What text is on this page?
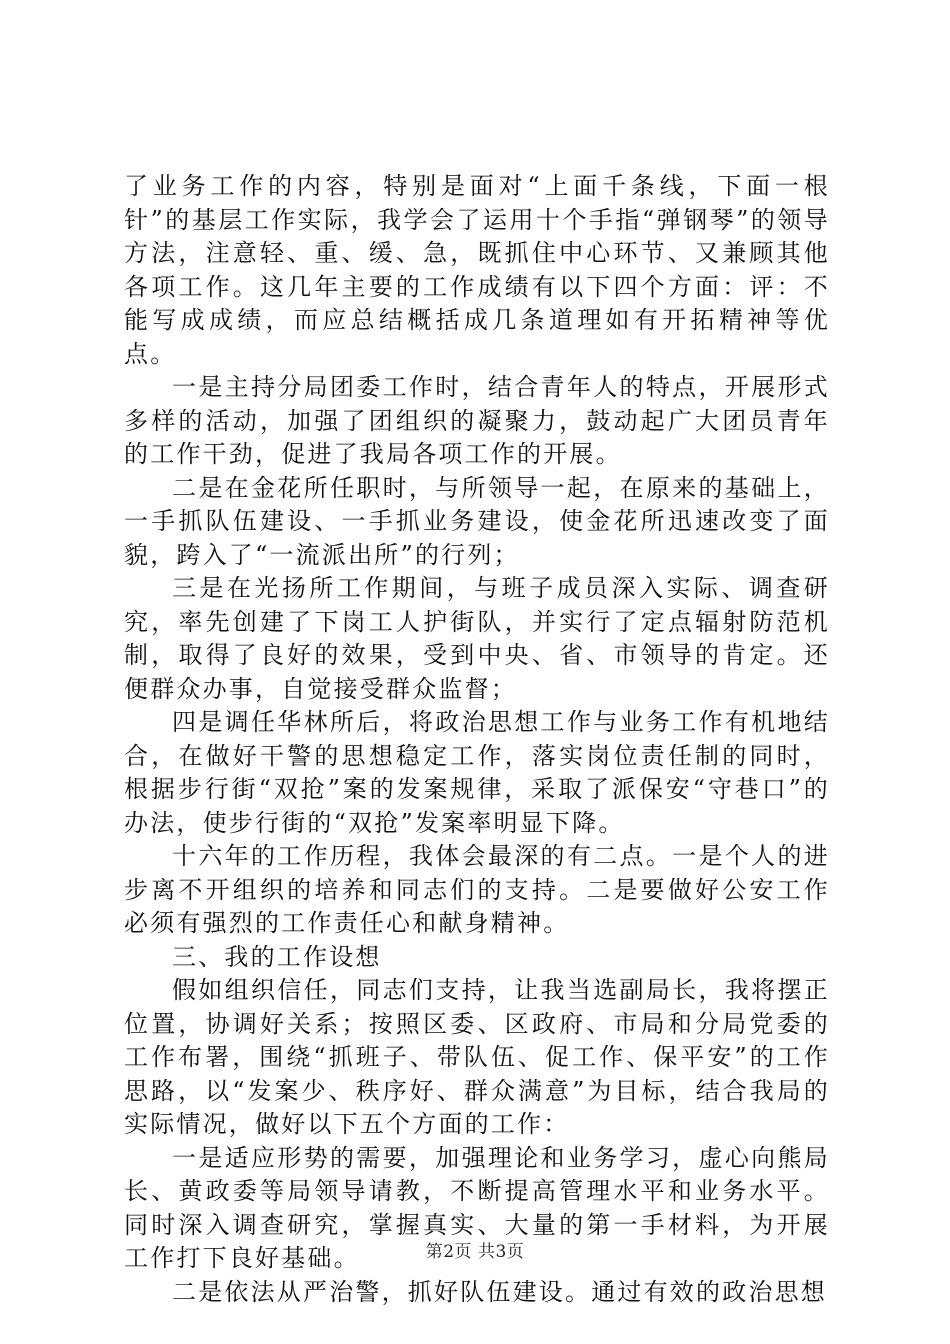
了业务工作的内容，特别是面对“上面千条线，下面一根针”的基层工作实际，我学会了运用十个手指“弹钢琴”的领导方法，注意轻、重、缓、急，既抓住中心环节、又兼顾其他各项工作。这几年主要的工作成绩有以下四个方面：评：不能写成成绩，而应总结概括成几条道理如有开拓精神等优点。

一是主持分局团委工作时，结合青年人的特点，开展形式多样的活动，加强了团组织的凝聚力，鼓动起广大团员青年的工作干劲，促进了我局各项工作的开展。

二是在金花所任职时，与所领导一起，在原来的基础上，一手抓队伍建设、一手抓业务建设，使金花所迅速改变了面貌，跨入了“一流派出所”的行列；

三是在光扬所工作期间，与班子成员深入实际、调查研究，率先创建了下岗工人护街队，并实行了定点辐射防范机制，取得了良好的效果，受到中央、省、市领导的肯定。还便群众办事，自觉接受群众监督；

四是调任华林所后，将政治思想工作与业务工作有机地结合，在做好干警的思想稳定工作，落实岗位责任制的同时，根据步行街“双抢”案的发案规律，采取了派保安“守巷口”的办法，使步行街的“双抢”发案率明显下降。

十六年的工作历程，我体会最深的有二点。一是个人的进步离不开组织的培养和同志们的支持。二是要做好公安工作必须有强烈的工作责任心和献身精神。

三、我的工作设想

假如组织信任，同志们支持，让我当选副局长，我将摆正位置，协调好关系；按照区委、区政府、市局和分局党委的工作布署，围绕“抓班子、带队伍、促工作、保平安”的工作思路，以“发案少、秩序好、群众满意”为目标，结合我局的实际情况，做好以下五个方面的工作：

一是适应形势的需要，加强理论和业务学习，虚心向熊局长、黄政委等局领导请教，不断提高管理水平和业务水平。同时深入调查研究，掌握真实、大量的第一手材料，为开展工作打下良好基础。

二是依法从严治警，抓好队伍建设。通过有效的政治思想

第2页 共3页
